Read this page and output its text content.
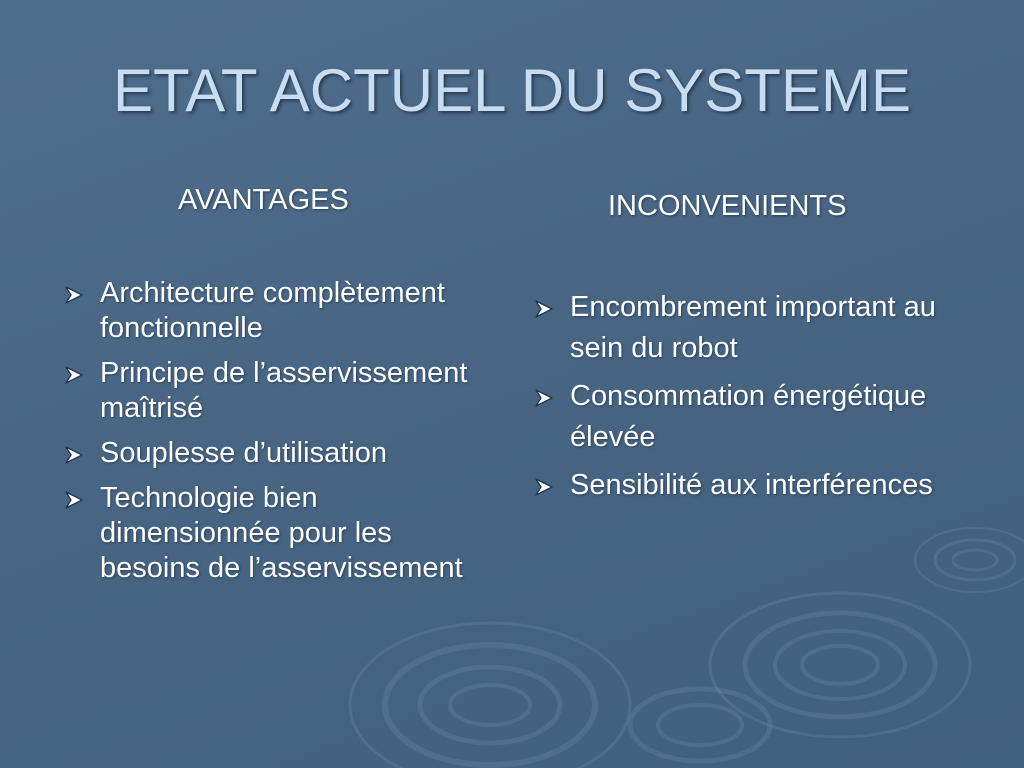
ETAT ACTUEL DU SYSTEME
AVANTAGES	INCONVENIENTS
Architecture complètement fonctionnelle
Principe de l’asservissement maîtrisé
Souplesse d’utilisation
Technologie bien dimensionnée pour les besoins de l’asservissement
Encombrement important au sein du robot
Consommation énergétique élevée
Sensibilité aux interférences
